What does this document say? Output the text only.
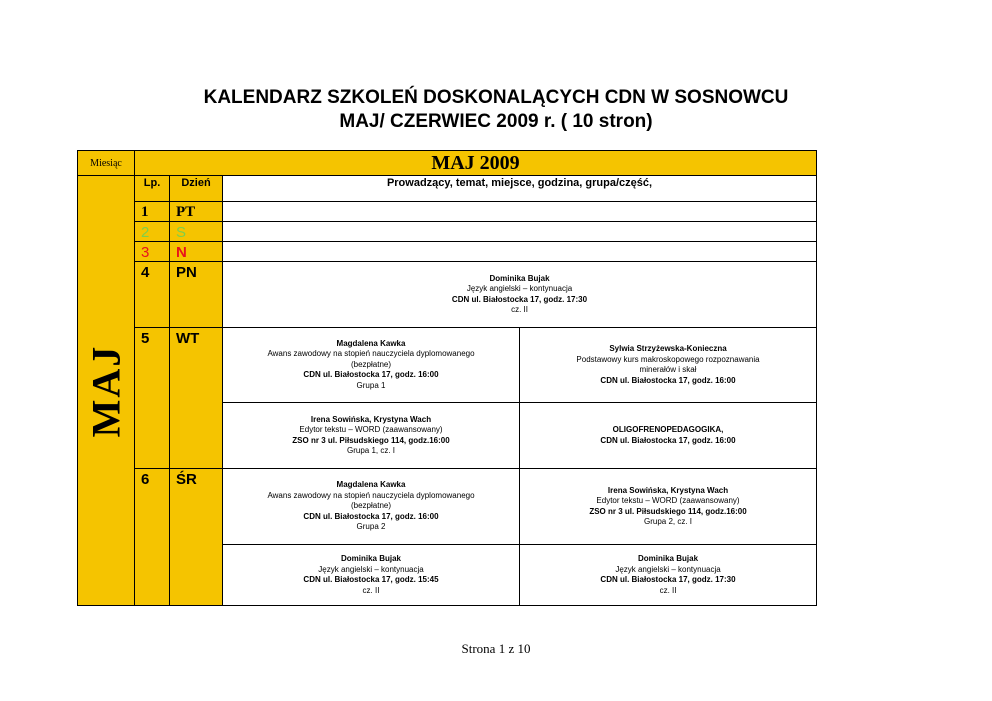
KALENDARZ SZKOLEŃ DOSKONALĄCYCH CDN W SOSNOWCU
MAJ/ CZERWIEC 2009 r. ( 10 stron)
Miesiąc	MAJ 2009			

MAJ	Lp.	Dzień	Prowadzący, temat, miejsce, godzina, grupa/część,	
	1	PT		
	2	S		
	3	N		
	4	PN	Dominika Bujak
Język angielski – kontynuacja
CDN ul. Białostocka 17, godz. 17:30
cz. II	

	5	WT	Magdalena Kawka
Awans zawodowy na stopień nauczyciela dyplomowanego
(bezpłatne)
CDN ul. Białostocka 17, godz. 16:00
Grupa 1	Sylwia Strzyżewska-Konieczna
Podstawowy kurs makroskopowego rozpoznawania
minerałów i skał
CDN ul. Białostocka 17, godz. 16:00

			Irena Sowińska, Krystyna Wach
Edytor tekstu – WORD (zaawansowany)
ZSO nr 3 ul. Piłsudskiego 114, godz.16:00
Grupa 1, cz. I	OLIGOFRENOPEDAGOGIKA,
CDN ul. Białostocka 17, godz. 16:00

	6	ŚR	Magdalena Kawka
Awans zawodowy na stopień nauczyciela dyplomowanego
(bezpłatne)
CDN ul. Białostocka 17, godz. 16:00
Grupa 2	Irena Sowińska, Krystyna Wach
Edytor tekstu – WORD (zaawansowany)
ZSO nr 3 ul. Piłsudskiego 114, godz.16:00
Grupa 2, cz. I

			Dominika Bujak
Język angielski – kontynuacja
CDN ul. Białostocka 17, godz. 15:45
cz. II	Dominika Bujak
Język angielski – kontynuacja
CDN ul. Białostocka 17, godz. 17:30
cz. II
Strona 1 z 10
